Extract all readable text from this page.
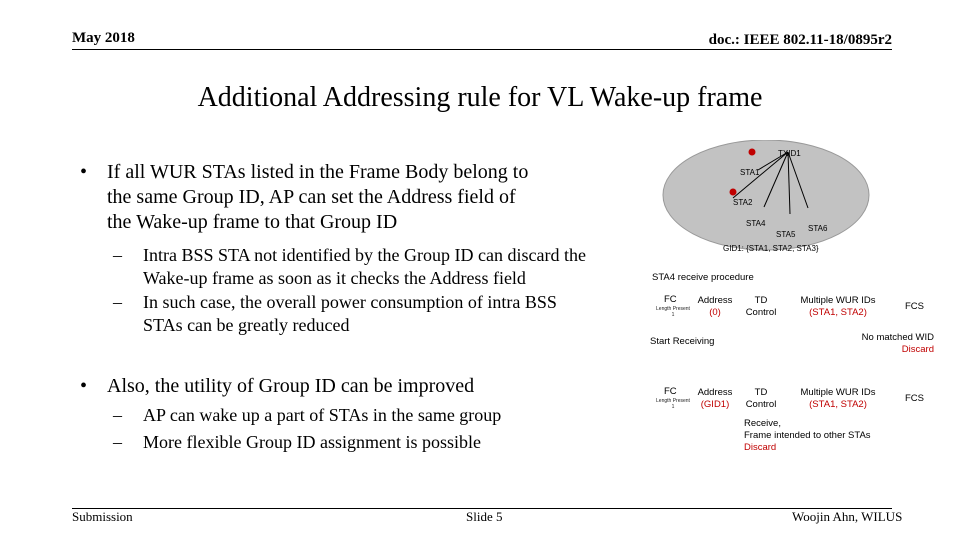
May 2018	doc.: IEEE 802.11-18/0895r2
Additional Addressing rule for VL Wake-up frame
• If all WUR STAs listed in the Frame Body belong to
the same Group ID, AP can set the Address field of
the Wake-up frame to that Group ID
– Intra BSS STA not identified by the Group ID can discard the
Wake-up frame as soon as it checks the Address field
– In such case, the overall power consumption of intra BSS
STAs can be greatly reduced
• Also, the utility of Group ID can be improved
– AP can wake up a part of STAs in the same group
– More flexible Group ID assignment is possible
TXID1
STA1
STA2
STA4
STA5
STA6
GID1: {STA1, STA2, STA3}
STA4 receive procedure
FC
Length Present
1
Address
(0)
TD
Control
Multiple WUR IDs
(STA1, STA2)
FCS
No matched WID
Discard
Start Receiving
FC
Length Present
1
Address
(GID1)
TD
Control
Multiple WUR IDs
(STA1, STA2)
FCS
Receive,
Frame intended to other STAs
Discard
Submission	Slide 5	Woojin Ahn, WILUS
